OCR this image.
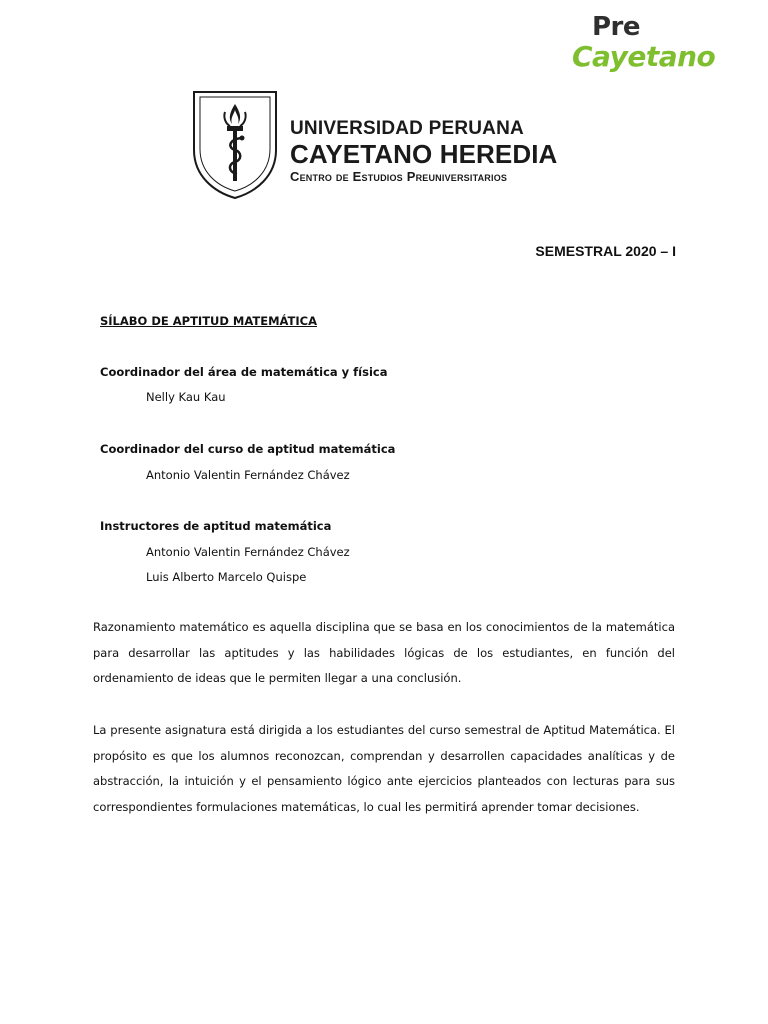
Pre
Cayetano
UNIVERSIDAD PERUANA
CAYETANO HEREDIA
Centro de Estudios Preuniversitarios
SEMESTRAL 2020 – I
SÍLABO DE APTITUD MATEMÁTICA
Coordinador del área de matemática y física
Nelly Kau Kau
Coordinador del curso de aptitud matemática
Antonio Valentin Fernández Chávez
Instructores de aptitud matemática
Antonio Valentin Fernández Chávez
Luis Alberto Marcelo Quispe
Razonamiento matemático es aquella disciplina que se basa en los conocimientos de la matemática para desarrollar las aptitudes y las habilidades lógicas de los estudiantes, en función del ordenamiento de ideas que le permiten llegar a una conclusión.
La presente asignatura está dirigida a los estudiantes del curso semestral de Aptitud Matemática. El propósito es que los alumnos reconozcan, comprendan y desarrollen capacidades analíticas y de abstracción, la intuición y el pensamiento lógico ante ejercicios planteados con lecturas para sus correspondientes formulaciones matemáticas, lo cual les permitirá aprender tomar decisiones.
